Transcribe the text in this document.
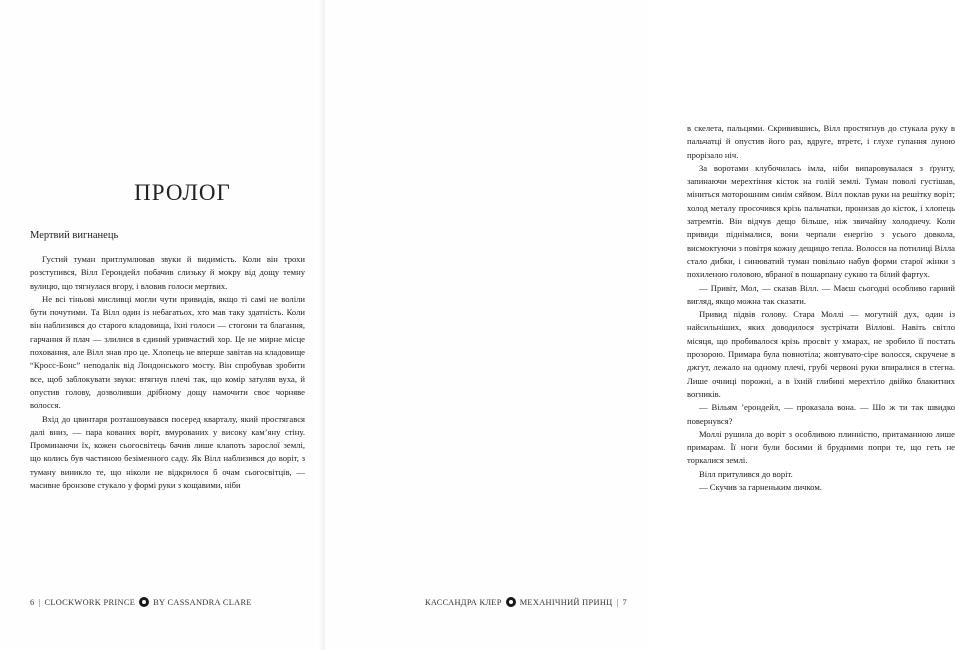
ПРОЛОГ
Мертвий вигнанець

Густий туман притлумлював звуки й видимість. Коли він трохи розступився, Вілл Герондейл побачив слизьку й мокру від дощу темну вулицю, що тягнулася вгору, і вловив голоси мертвих.

Не всі тіньові мисливці могли чути привидів, якщо ті самі не воліли бути почутими. Та Вілл один із небагатьох, хто мав таку здатність. Коли він наблизився до старого кладовища, їхні голоси — стогони та благання, гарчання й плач — злилися в єдиний уривчастий хор. Це не мирне місце поховання, але Вілл знав про це. Хлопець не вперше завітав на кладовище “Кросс-Бонс” неподалік від Лондонського мосту. Він спробував зробити все, щоб заблокувати звуки: втягнув плечі так, що комір затуляв вуха, й опустив голову, дозволивши дрібному дощу намочити своє чорняве волосся.

Вхід до цвинтаря розташовувався посеред кварталу, який простягався далі вниз, — пара кованих воріт, вмурованих у високу кам’яну стіну. Проминаючи їх, кожен сьогосвітець бачив лише клапоть зарослої землі, що колись був частиною безіменного саду. Як Вілл наблизився до воріт, з туману виникло те, що ніколи не відкрилося б очам сьогосвітців, — масивне бронзове стукало у формі руки з кощавими, ніби

6 | CLOCKWORK PRINCE BY CASSANDRA CLARE

в скелета, пальцями. Скривившись, Вілл простягнув до стукала руку в пальчатці й опустив його раз, вдруге, втретє, і глухе гупання луною прорізало ніч.

За воротами клубочилась імла, ніби випаровувалася з ґрунту, запинаючи мерехтіння кісток на голій землі. Туман поволі густішав, міниться моторошним синім сяйвом. Вілл поклав руки на решітку воріт; холод металу просочився крізь пальчатки, пронизав до кісток, і хлопець затремтів. Він відчув дещо більше, ніж звичайну холоднечу. Коли привиди піднімалися, вони черпали енергію з усього довкола, висмоктуючи з повітря кожну дещицю тепла. Волосся на потилиці Вілла стало дибки, і синюватий туман повільно набув форми старої жінки з похиленою головою, вбраної в пошарпану сукню та білий фартух.

— Привіт, Мол, — сказав Вілл. — Маєш сьогодні особливо гарний вигляд, якщо можна так сказати.

Привид підвів голову. Стара Моллі — могутній дух, один із найсильніших, яких доводилося зустрічати Віллові. Навіть світло місяця, що пробивалося крізь просвіт у хмарах, не зробило її постать прозорою. Примара була повнотіла; жовтувато-сіре волосся, скручене в джгут, лежало на одному плечі, грубі червоні руки впиралися в стегна. Лише очниці порожні, а в їхній глибині мерехтіло двійко блакитних вогників.

— Вільям ’ерондейл, — проказала вона. — Шо ж ти так швидко повернувся?

Моллі рушила до воріт з особливою плинністю, притаманною лише примарам. Її ноги були босими й брудними попри те, що геть не торкалися землі.

Вілл притулився до воріт.

— Скучив за гарненьким личком.

КАССАНДРА КЛЕР МЕХАНІЧНИЙ ПРИНЦ | 7
